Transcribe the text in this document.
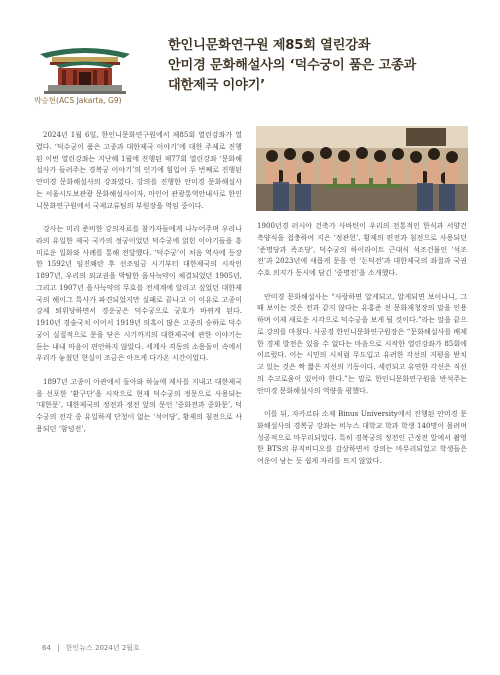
박승현(ACS Jakarta, G9)
한인니문화연구원 제85회 열린강좌
안미경 문화해설사의 ‘덕수궁이 품은 고종과
대한제국 이야기’

2024년 1월 6일, 한인니문화연구원에서 제85회 열린강좌가 열렸다. ‘덕수궁이 품은 고종과 대한제국 이야기’에 대한 주제로 진행된 이번 열린강좌는 지난해 1월에 진행된 제77회 열린강좌 ‘문화해설사가 들려주는 경복궁 이야기’의 인기에 힘입어 두 번째로 진행된 안미경 문화해설사의 강좌였다. 강의를 진행한 안미경 문화해설사는 서울시도보관광 문화해설사이자, 마인어 관광통역안내사로 한인니문화연구원에서 국제교류팀의 부원장을 역임 중이다.

강사는 미리 준비한 강의자료를 참가자들에게 나누어주며 우리나라의 유일한 제국 국가의 정궁이었던 덕수궁에 얽힌 이야기들을 흥미로운 일화와 사례를 통해 전달했다. ‘덕수궁’이 처음 역사에 등장한 1592년 임진왜란 후 선조임금 시기부터 대한제국의 시작인 1897년, 우리의 외교권을 박탈한 을사늑약이 체결되었던 1905년, 그리고 1907년 을사늑약의 무효를 전세계에 알리고 싶었던 대한제국의 헤이그 특사가 파견되었지만 실패로 끝나고 이 이유로 고종이 강제 퇴위당하면서 경운궁은 덕수궁으로 궁호가 바뀌게 된다. 1910년 경술국치 이어서 1919년 의혹이 많은 고종의 승하로 덕수궁이 실질적으로 문을 닫은 시기까지의 대한제국에 관한 이야기는 듣는 내내 마음이 편안하지 않았다. 세계사 격동의 소용돌이 속에서 우리가 놓쳤던 현실이 조금은 아프게 다가온 시간이었다.

1897년 고종이 아관에서 돌아와 하늘에 제사를 지내고 대한제국을 선포한 ‘환구단’을 시작으로 현재 덕수궁의 정문으로 사용되는 ‘대한문’, 대한제국의 정전과 정전 앞의 문인 ‘중화전과 중화문’, 덕수궁의 전각 중 유일하게 단청이 없는 ‘석어당’, 황제의 침전으로 사용되던 ‘함녕전’,

1900년경 러시아 건축가 사바틴이 우리의 전통적인 한식과 서양건축양식을 접충하여 지은 ‘정관헌’, 황제의 편전과 침전으로 사용되던 ‘준명당과 즉조당’, 덕수궁의 하이라이트 근대식 석조건물인 ‘석조전’과 2023년에 새롭게 문을 연 ‘돈덕전’과 대한제국의 좌절과 국권수호 의지가 동시에 담긴 ‘중명전’을 소개했다.

안미경 문화해설사는 “사랑하면 알게되고, 알게되면 보이나니, 그때 보이는 것은 전과 같지 않다는 유홍준 전 문화재청장의 말을 인용하며 이제 새로운 시각으로 덕수궁을 보게 될 것이다.”라는 말을 끝으로 강의를 마쳤다. 사공경 한인니문화연구원장은 “문화해설사를 배제한 경제 발전은 있을 수 없다는 마음으로 시작한 열린강좌가 85회에 이르렀다. 이는 시민의 시처럼 무도입고 유려한 각선의 지평을 받치고 있는 것은 짝 짧은 지선의 기동이다. 세련되고 유연한 각선은 직선의 수고로움이 있어야 한다.”는 말로 한인니문화연구원을 반석주는 안미경 문화해설사의 역량을 평했다.

이를 뒤, 자카르타 소재 Binus University에서 진행된 안미경 문화해설사의 경복궁 강좌는 비누스 대학교 학과 학생 140명이 몰려며 성공적으로 마무리되었다. 특히 경복궁의 정전인 근정전 앞에서 촬영한 BTS의 뮤직비디오를 감상하면서 강의는 마무리되었고 학생들은 여운이 남는 듯 쉽게 자리를 뜨지 않았다.

64 | 한인뉴스 2024년 2월호
